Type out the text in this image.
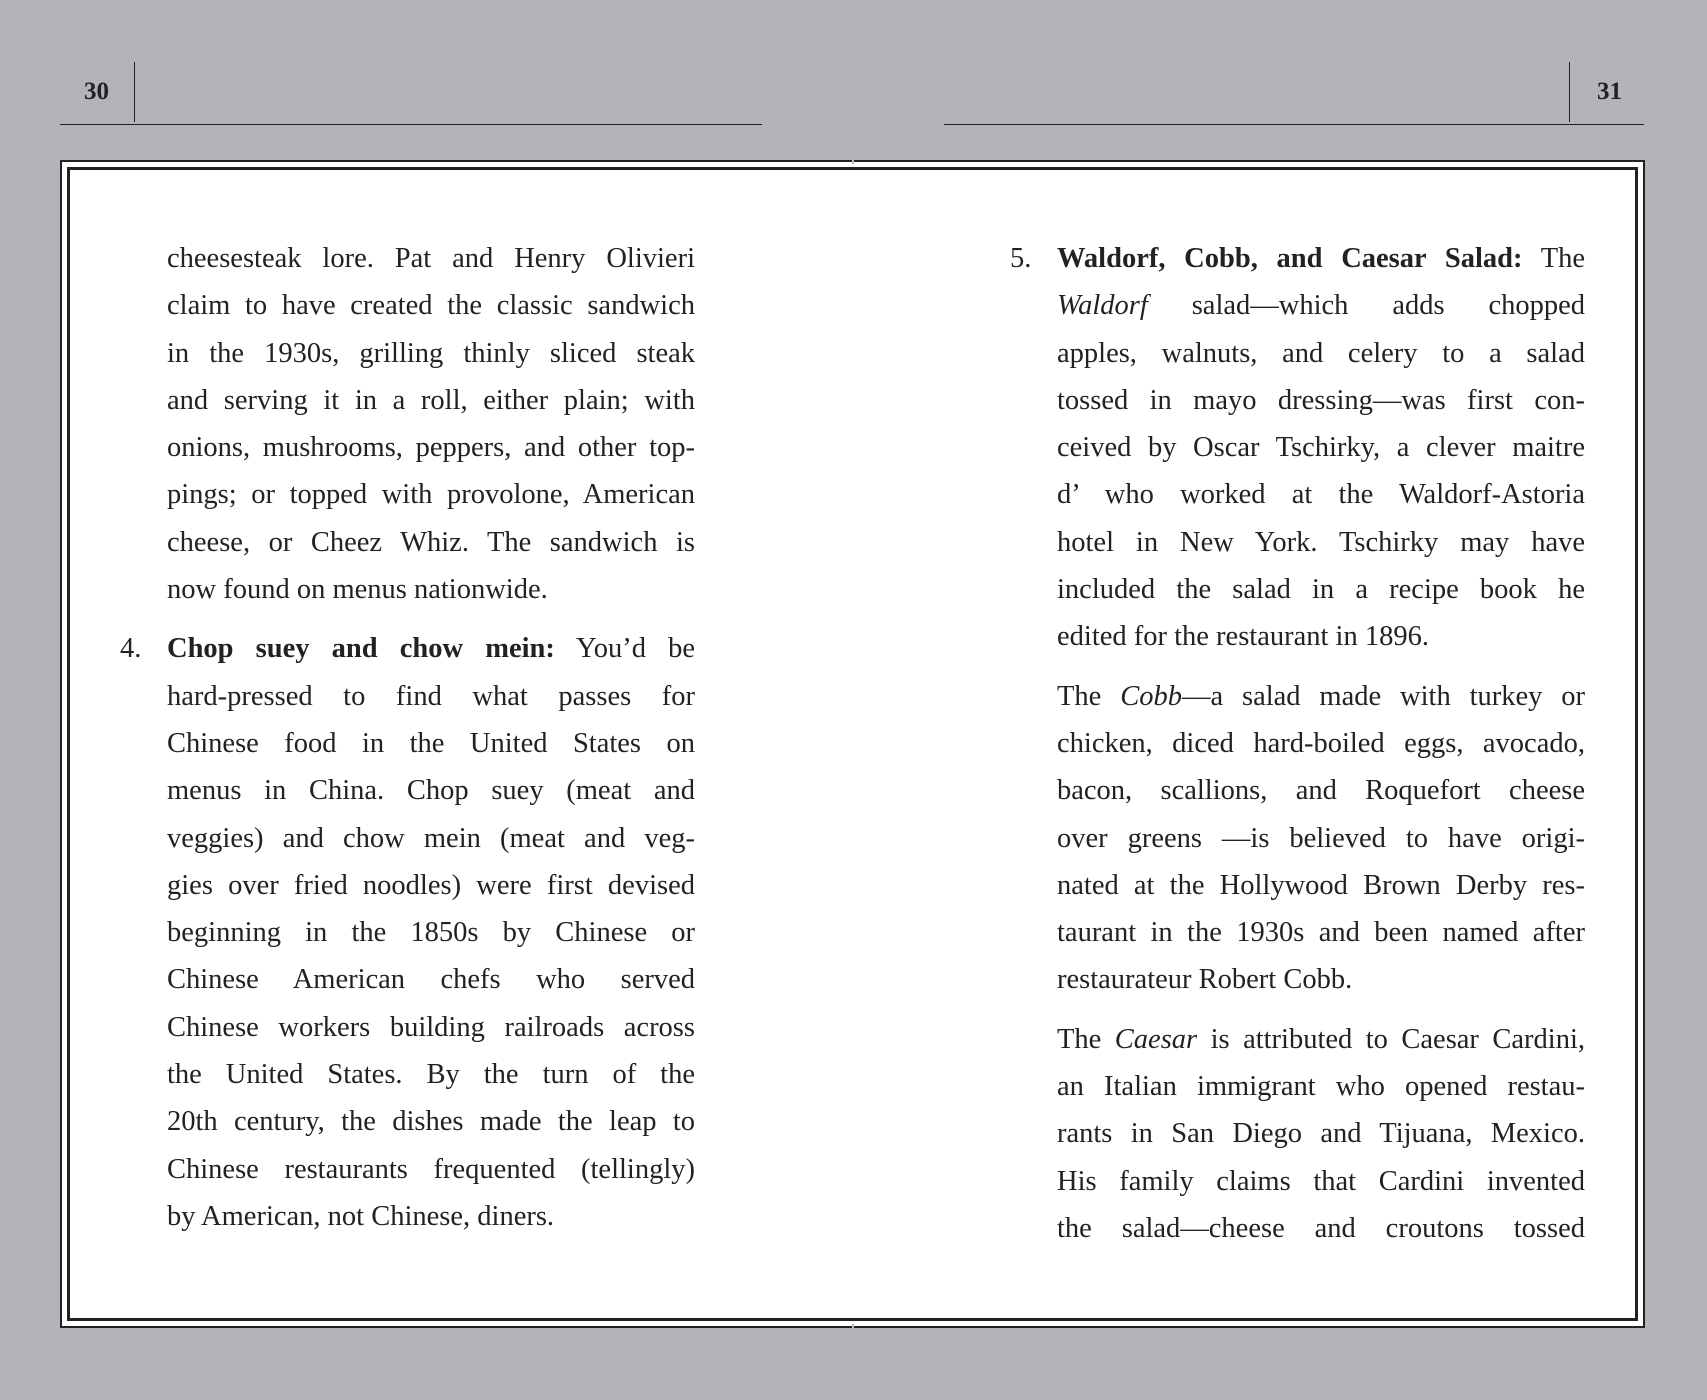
30	31
cheesesteak lore. Pat and Henry Olivieri
claim to have created the classic sandwich
in the 1930s, grilling thinly sliced steak
and serving it in a roll, either plain; with
onions, mushrooms, peppers, and other top-
pings; or topped with provolone, American
cheese, or Cheez Whiz. The sandwich is
now found on menus nationwide.
4. Chop suey and chow mein: You’d be
hard-pressed to find what passes for
Chinese food in the United States on
menus in China. Chop suey (meat and
veggies) and chow mein (meat and veg-
gies over fried noodles) were first devised
beginning in the 1850s by Chinese or
Chinese American chefs who served
Chinese workers building railroads across
the United States. By the turn of the
20th century, the dishes made the leap to
Chinese restaurants frequented (tellingly)
by American, not Chinese, diners.
5. Waldorf, Cobb, and Caesar Salad: The
Waldorf salad—which adds chopped
apples, walnuts, and celery to a salad
tossed in mayo dressing—was first con-
ceived by Oscar Tschirky, a clever maitre
d’ who worked at the Waldorf-Astoria
hotel in New York. Tschirky may have
included the salad in a recipe book he
edited for the restaurant in 1896.
The Cobb—a salad made with turkey or
chicken, diced hard-boiled eggs, avocado,
bacon, scallions, and Roquefort cheese
over greens —is believed to have origi-
nated at the Hollywood Brown Derby res-
taurant in the 1930s and been named after
restaurateur Robert Cobb.
The Caesar is attributed to Caesar Cardini,
an Italian immigrant who opened restau-
rants in San Diego and Tijuana, Mexico.
His family claims that Cardini invented
the salad—cheese and croutons tossed
